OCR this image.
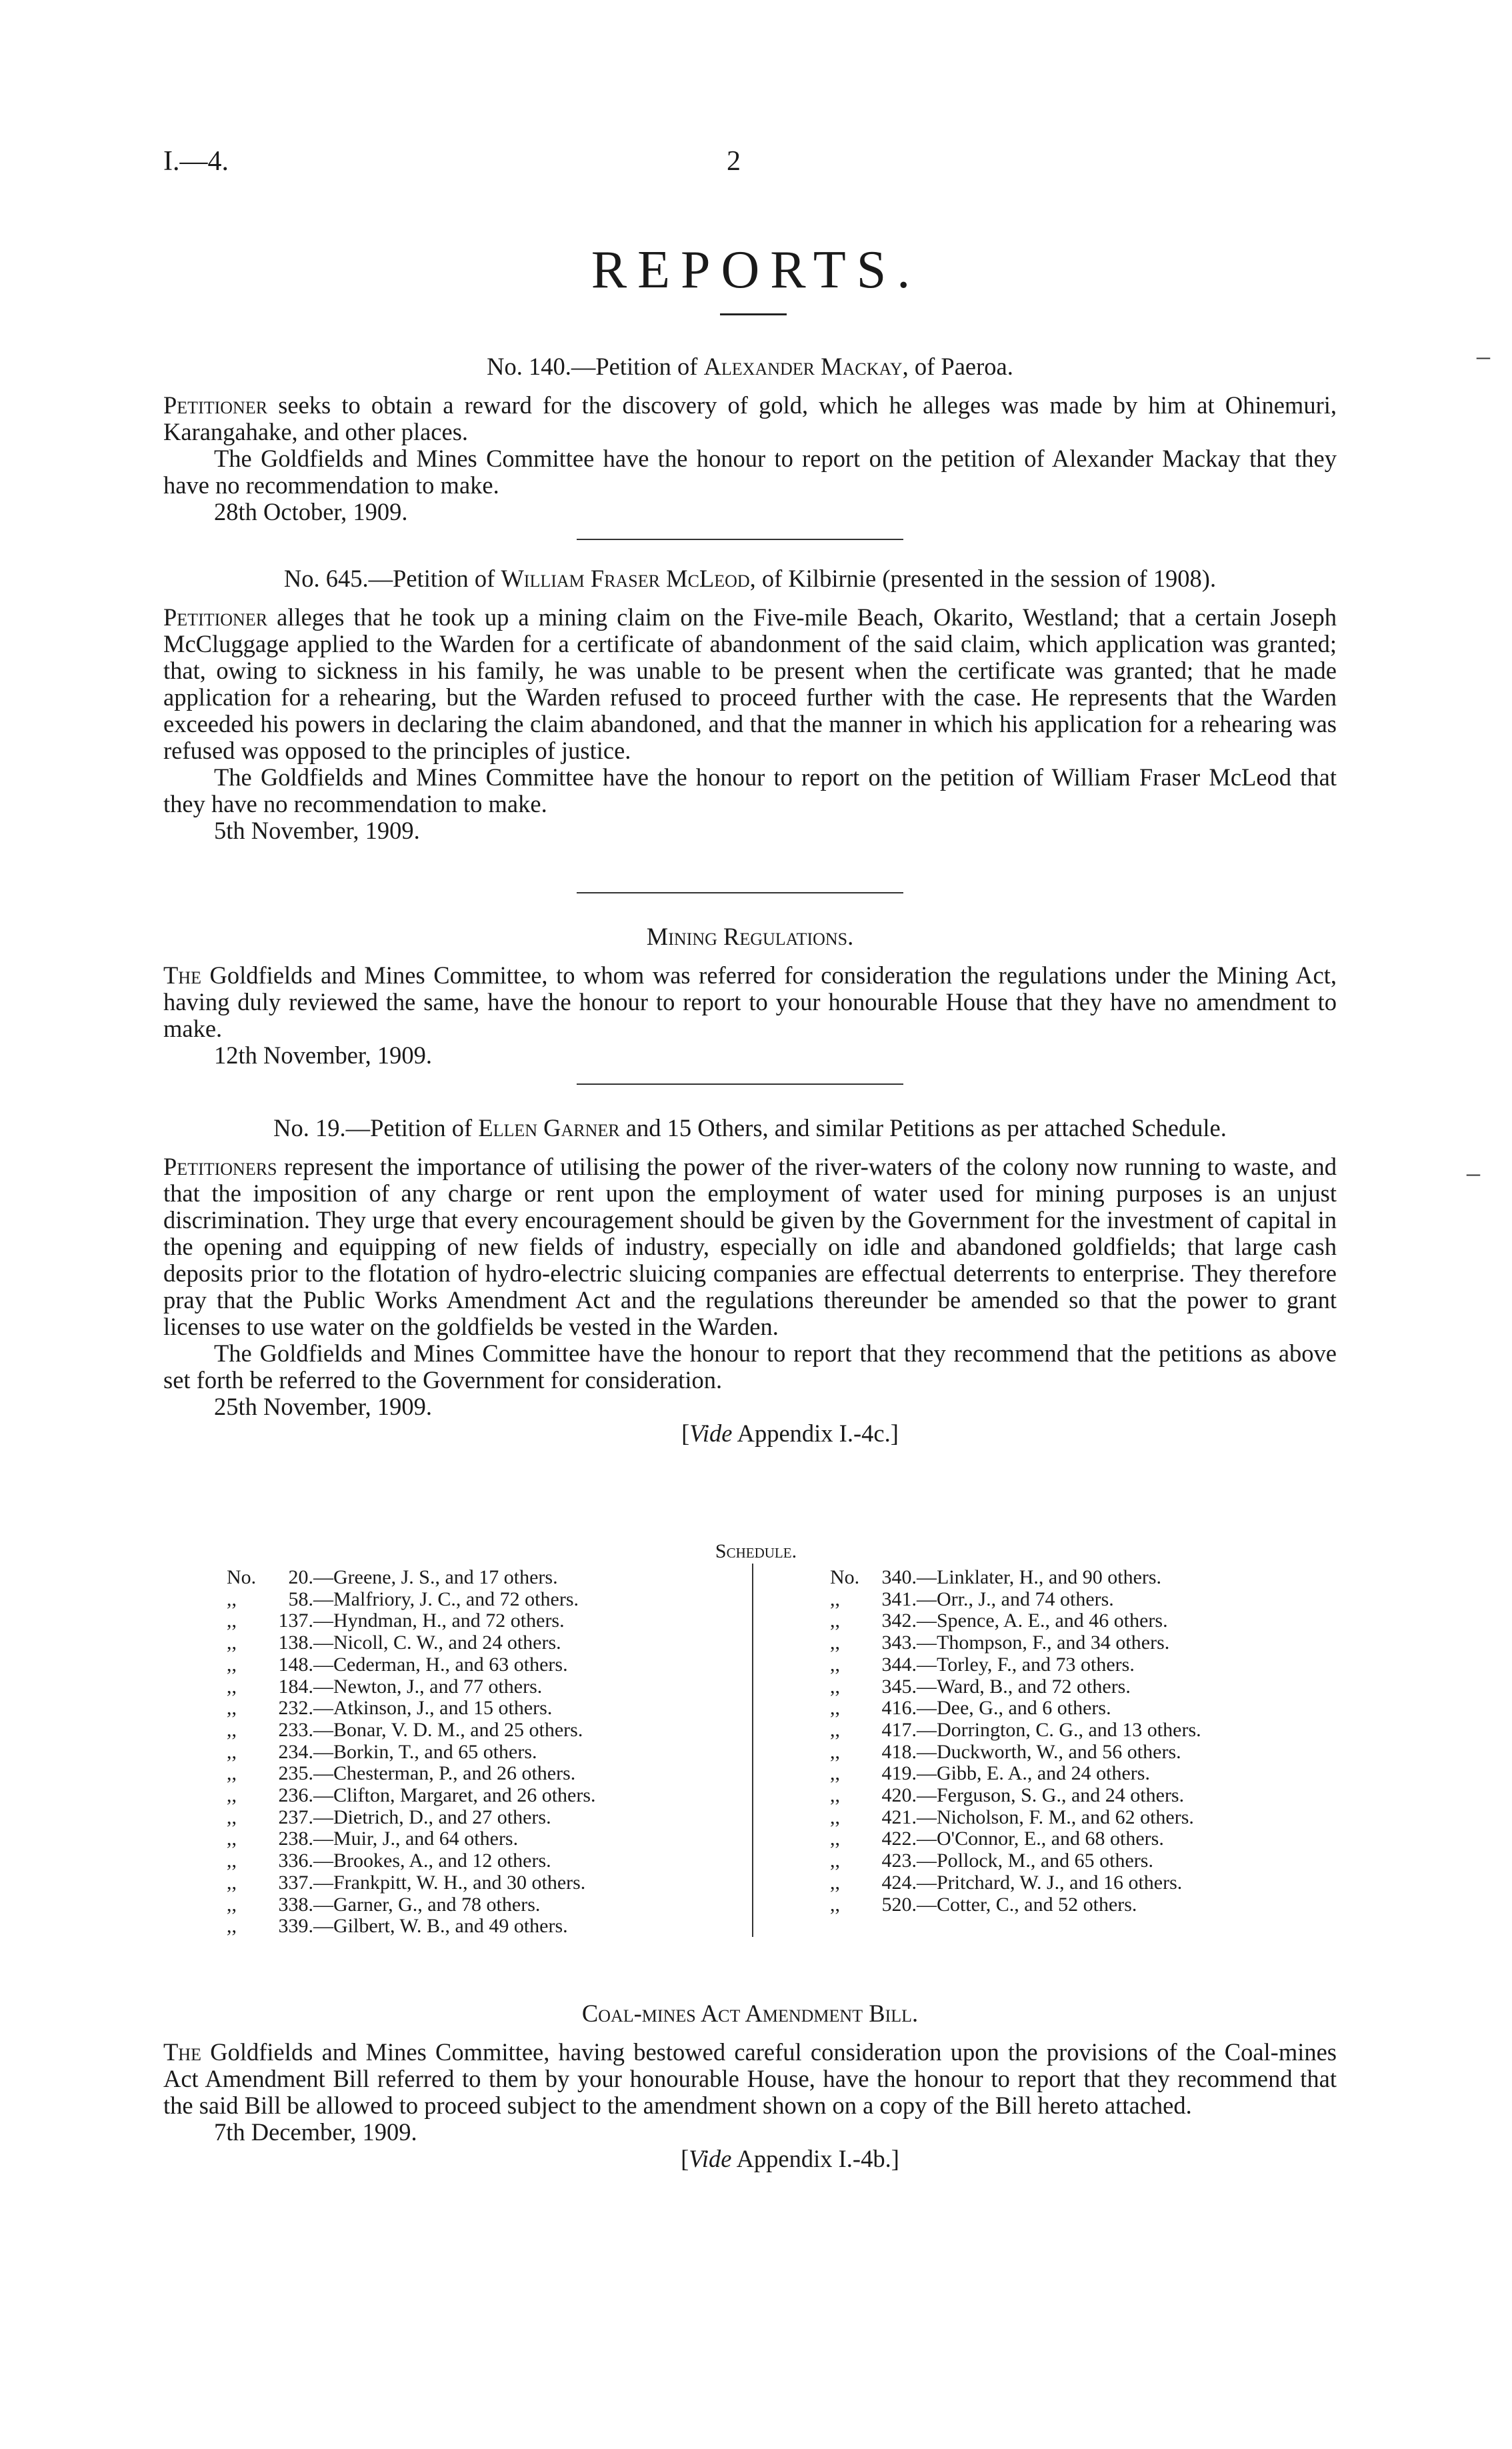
I.—4.	2
REPORTS.

No. 140.—Petition of Alexander Mackay, of Paeroa.

Petitioner seeks to obtain a reward for the discovery of gold, which he alleges was made by him at Ohinemuri, Karangahake, and other places.

The Goldfields and Mines Committee have the honour to report on the petition of Alexander Mackay that they have no recommendation to make.

28th October, 1909.

No. 645.—Petition of William Fraser McLeod, of Kilbirnie (presented in the session of 1908).

Petitioner alleges that he took up a mining claim on the Five-mile Beach, Okarito, Westland; that a certain Joseph McCluggage applied to the Warden for a certificate of abandonment of the said claim, which application was granted; that, owing to sickness in his family, he was unable to be present when the certificate was granted; that he made application for a rehearing, but the Warden refused to proceed further with the case. He represents that the Warden exceeded his powers in declaring the claim abandoned, and that the manner in which his application for a rehearing was refused was opposed to the principles of justice.

The Goldfields and Mines Committee have the honour to report on the petition of William Fraser McLeod that they have no recommendation to make.

5th November, 1909.

Mining Regulations.

The Goldfields and Mines Committee, to whom was referred for consideration the regulations under the Mining Act, having duly reviewed the same, have the honour to report to your honourable House that they have no amendment to make.

12th November, 1909.

No. 19.—Petition of Ellen Garner and 15 Others, and similar Petitions as per attached Schedule.

Petitioners represent the importance of utilising the power of the river-waters of the colony now running to waste, and that the imposition of any charge or rent upon the employment of water used for mining purposes is an unjust discrimination. They urge that every encouragement should be given by the Government for the investment of capital in the opening and equipping of new fields of industry, especially on idle and abandoned goldfields; that large cash deposits prior to the flotation of hydro-electric sluicing companies are effectual deterrents to enterprise. They therefore pray that the Public Works Amendment Act and the regulations thereunder be amended so that the power to grant licenses to use water on the goldfields be vested in the Warden.

The Goldfields and Mines Committee have the honour to report that they recommend that the petitions as above set forth be referred to the Government for consideration.

25th November, 1909.

[Vide Appendix I.-4c.]

Schedule.
No. 20.—Greene, J. S., and 17 others.
,,	58.—Malfriory, J. C., and 72 others.
,, 137.—Hyndman, H., and 72 others.
,, 138.—Nicoll, C. W., and 24 others.
,, 148.—Cederman, H., and 63 others.
,, 184.—Newton, J., and 77 others.
,, 232.—Atkinson, J., and 15 others.
,, 233.—Bonar, V. D. M., and 25 others.
,, 234.—Borkin, T., and 65 others.
,, 235.—Chesterman, P., and 26 others.
,, 236.—Clifton, Margaret, and 26 others.
,, 237.—Dietrich, D., and 27 others.
,, 238.—Muir, J., and 64 others.
,, 336.—Brookes, A., and 12 others.
,, 337.—Frankpitt, W. H., and 30 others.
,, 338.—Garner, G., and 78 others.
,, 339.—Gilbert, W. B., and 49 others.
No. 340.—Linklater, H., and 90 others.
,, 341.—Orr., J., and 74 others.
,, 342.—Spence, A. E., and 46 others.
,, 343.—Thompson, F., and 34 others.
,, 344.—Torley, F., and 73 others.
,, 345.—Ward, B., and 72 others.
,, 416.—Dee, G., and 6 others.
,, 417.—Dorrington, C. G., and 13 others.
,, 418.—Duckworth, W., and 56 others.
,, 419.—Gibb, E. A., and 24 others.
,, 420.—Ferguson, S. G., and 24 others.
,, 421.—Nicholson, F. M., and 62 others.
,, 422.—O'Connor, E., and 68 others.
,, 423.—Pollock, M., and 65 others.
,, 424.—Pritchard, W. J., and 16 others.
,, 520.—Cotter, C., and 52 others.

Coal-mines Act Amendment Bill.

The Goldfields and Mines Committee, having bestowed careful consideration upon the provisions of the Coal-mines Act Amendment Bill referred to them by your honourable House, have the honour to report that they recommend that the said Bill be allowed to proceed subject to the amendment shown on a copy of the Bill hereto attached.

7th December, 1909.

[Vide Appendix I.-4b.]

–
–
